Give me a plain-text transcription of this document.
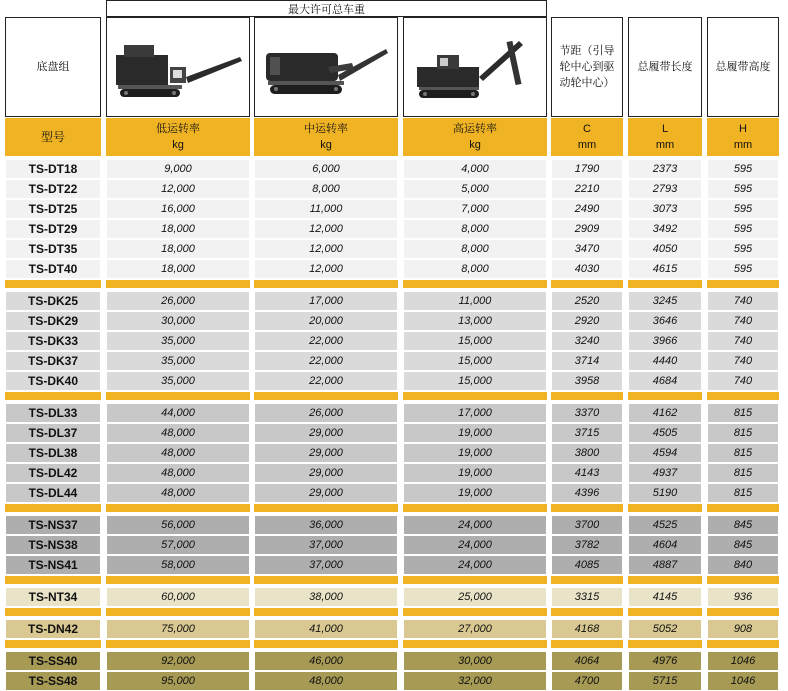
最大许可总车重
底盘组
节距（引导轮中心到驱动轮中心）
总履带长度	总履带高度
型号
低运转率
kg
中运转率
kg
高运转率
kg
C
mm
L
mm
H
mm
TS-DT18	9,000	6,000	4,000	1790	2373	595
TS-DT22	12,000	8,000	5,000	2210	2793	595
TS-DT25	16,000	11,000	7,000	2490	3073	595
TS-DT29	18,000	12,000	8,000	2909	3492	595
TS-DT35	18,000	12,000	8,000	3470	4050	595
TS-DT40	18,000	12,000	8,000	4030	4615	595
TS-DK25	26,000	17,000	11,000	2520	3245	740
TS-DK29	30,000	20,000	13,000	2920	3646	740
TS-DK33	35,000	22,000	15,000	3240	3966	740
TS-DK37	35,000	22,000	15,000	3714	4440	740
TS-DK40	35,000	22,000	15,000	3958	4684	740
TS-DL33	44,000	26,000	17,000	3370	4162	815
TS-DL37	48,000	29,000	19,000	3715	4505	815
TS-DL38	48,000	29,000	19,000	3800	4594	815
TS-DL42	48,000	29,000	19,000	4143	4937	815
TS-DL44	48,000	29,000	19,000	4396	5190	815
TS-NS37	56,000	36,000	24,000	3700	4525	845
TS-NS38	57,000	37,000	24,000	3782	4604	845
TS-NS41	58,000	37,000	24,000	4085	4887	840
TS-NT34	60,000	38,000	25,000	3315	4145	936
TS-DN42	75,000	41,000	27,000	4168	5052	908
TS-SS40	92,000	46,000	30,000	4064	4976	1046
TS-SS48	95,000	48,000	32,000	4700	5715	1046
